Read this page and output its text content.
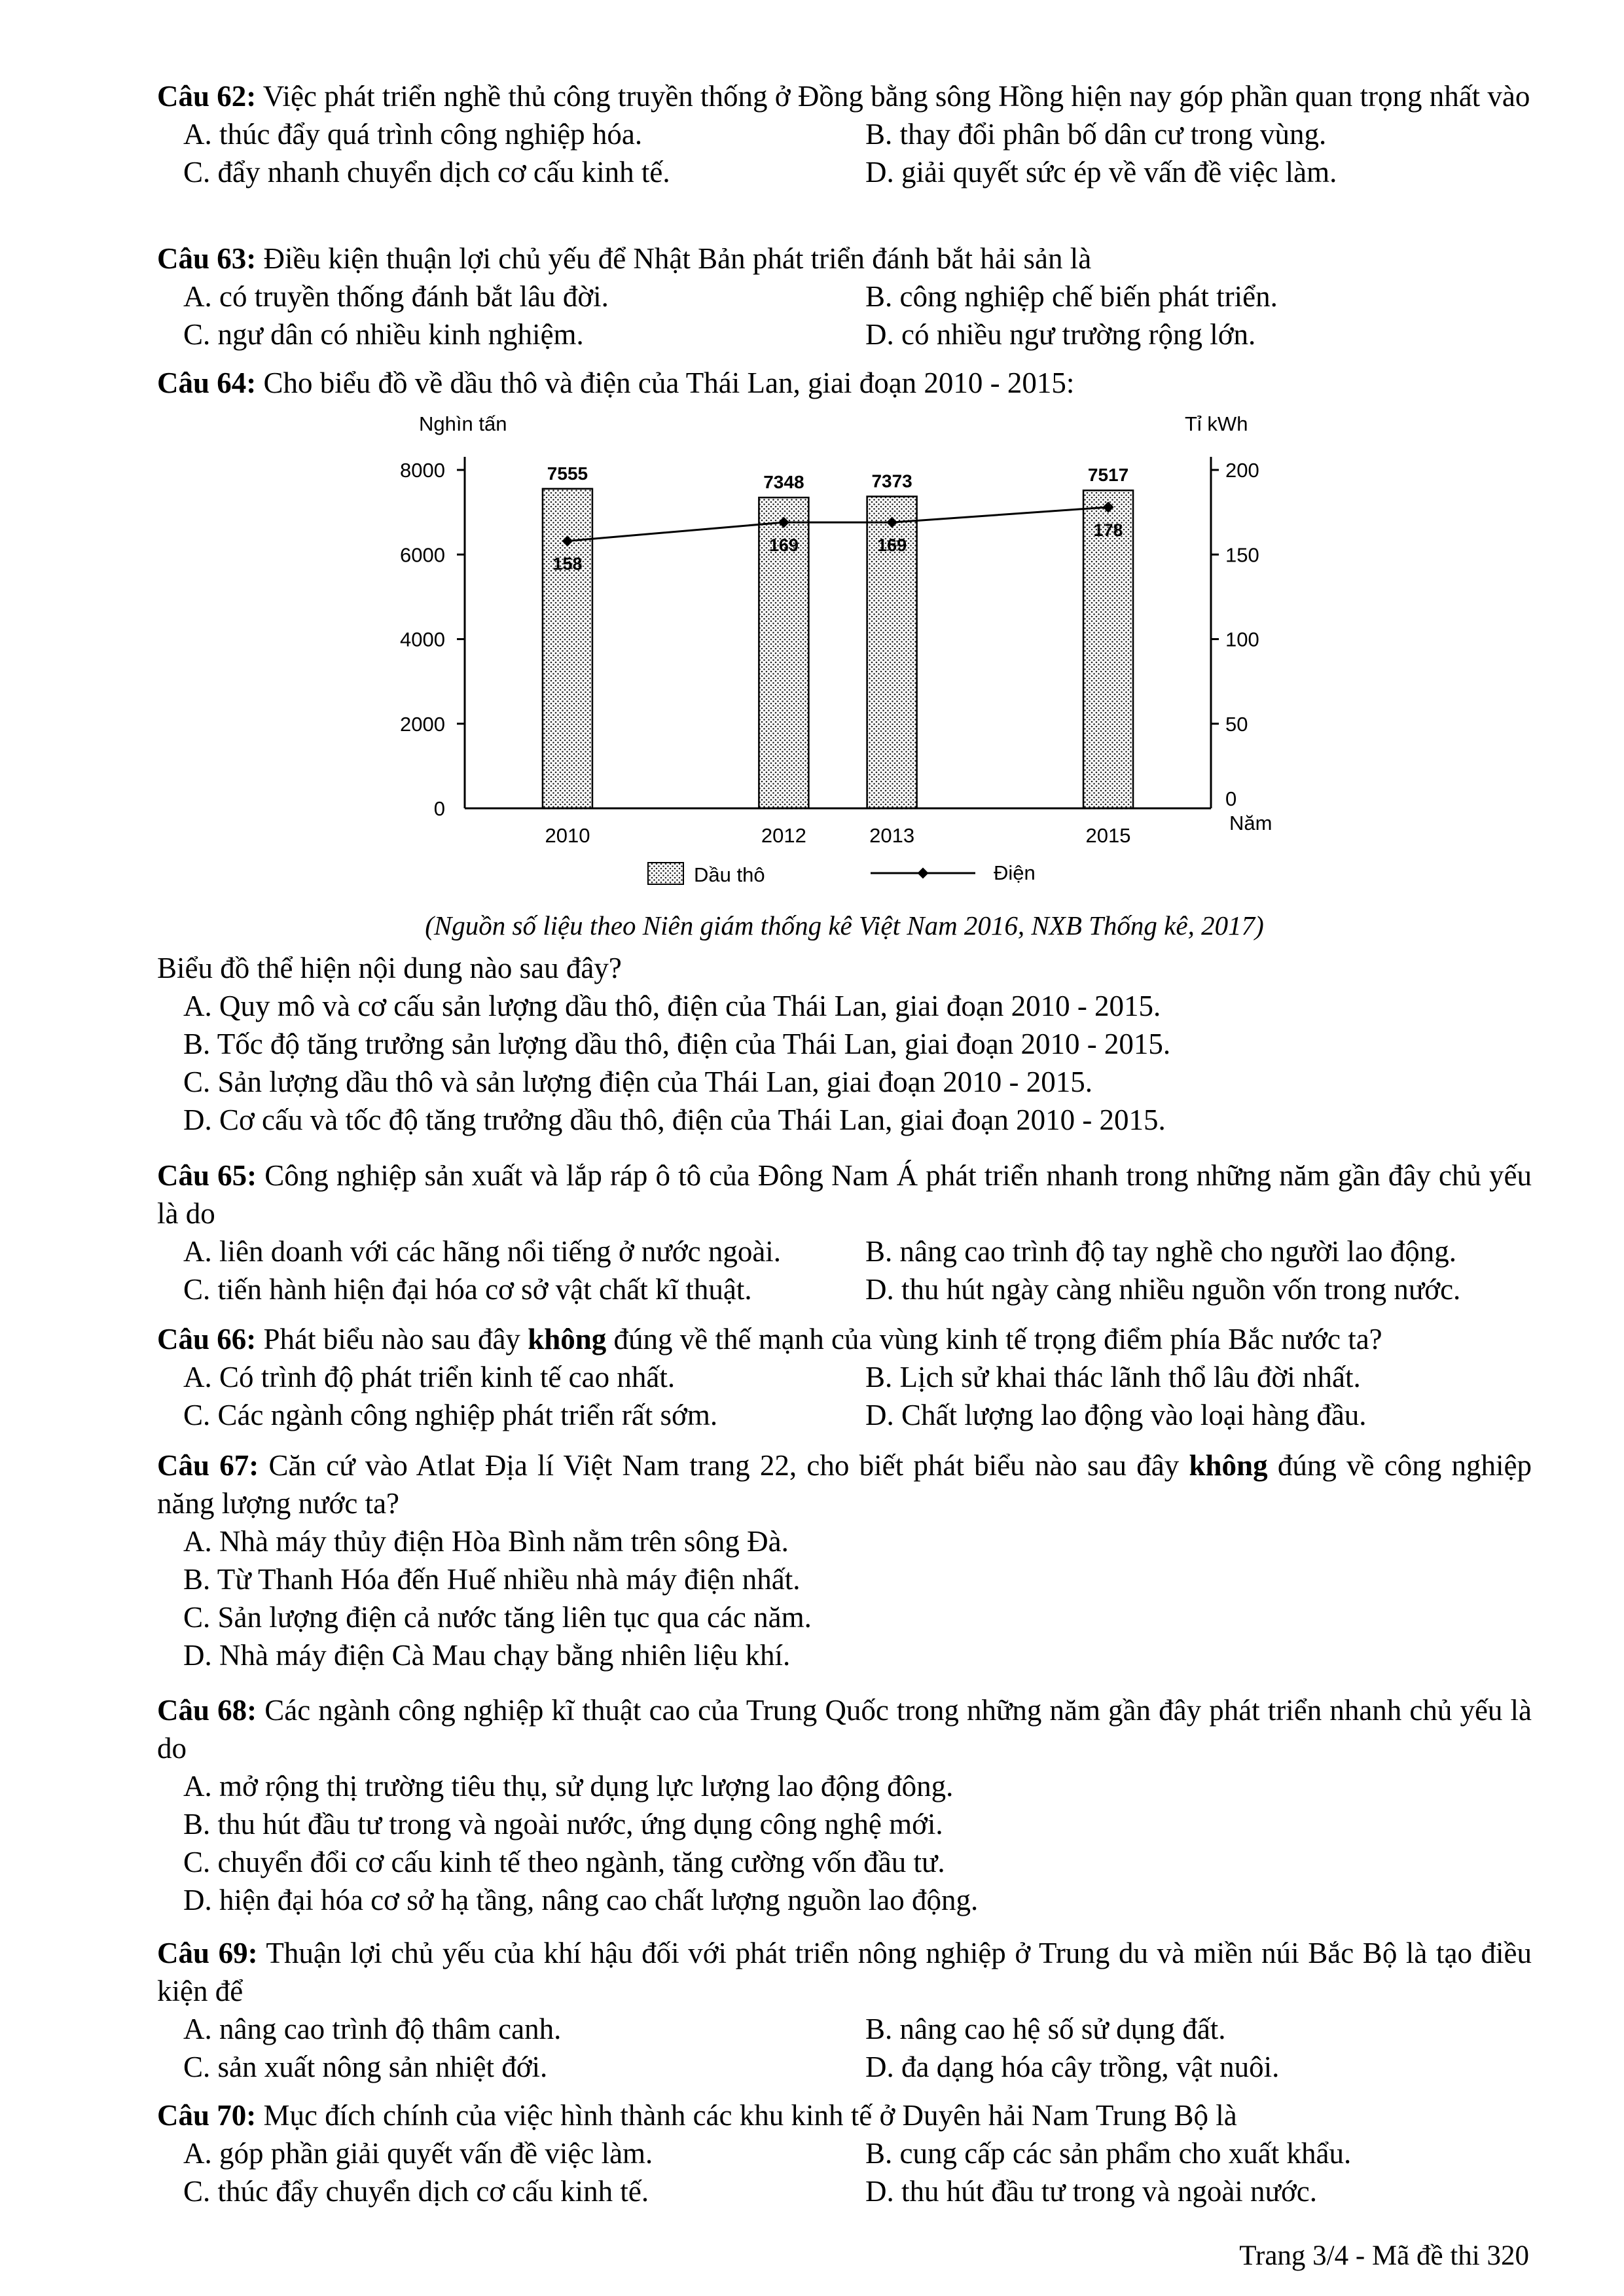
Câu 62: Việc phát triển nghề thủ công truyền thống ở Đồng bằng sông Hồng hiện nay góp phần quan trọng nhất vào
A. thúc đẩy quá trình công nghiệp hóa.	B. thay đổi phân bố dân cư trong vùng.
C. đẩy nhanh chuyển dịch cơ cấu kinh tế.	D. giải quyết sức ép về vấn đề việc làm.
Câu 63: Điều kiện thuận lợi chủ yếu để Nhật Bản phát triển đánh bắt hải sản là
A. có truyền thống đánh bắt lâu đời.	B. công nghiệp chế biến phát triển.
C. ngư dân có nhiều kinh nghiệm.	D. có nhiều ngư trường rộng lớn.
Câu 64: Cho biểu đồ về dầu thô và điện của Thái Lan, giai đoạn 2010 - 2015:
7555	7348	7373	7517
2010	2012	2013	2015
0
2000
4000
6000
8000
0
50
100
150
200
158
169	169
178
Nghìn tấn	Tỉ kWh
Năm
Dầu thô	Điện
(Nguồn số liệu theo Niên giám thống kê Việt Nam 2016, NXB Thống kê, 2017)
Biểu đồ thể hiện nội dung nào sau đây?
A. Quy mô và cơ cấu sản lượng dầu thô, điện của Thái Lan, giai đoạn 2010 - 2015.
B. Tốc độ tăng trưởng sản lượng dầu thô, điện của Thái Lan, giai đoạn 2010 - 2015.
C. Sản lượng dầu thô và sản lượng điện của Thái Lan, giai đoạn 2010 - 2015.
D. Cơ cấu và tốc độ tăng trưởng dầu thô, điện của Thái Lan, giai đoạn 2010 - 2015.
Câu 65: Công nghiệp sản xuất và lắp ráp ô tô của Đông Nam Á phát triển nhanh trong những năm gần đây chủ yếu là do
A. liên doanh với các hãng nổi tiếng ở nước ngoài.	B. nâng cao trình độ tay nghề cho người lao động.
C. tiến hành hiện đại hóa cơ sở vật chất kĩ thuật.	D. thu hút ngày càng nhiều nguồn vốn trong nước.
Câu 66: Phát biểu nào sau đây không đúng về thế mạnh của vùng kinh tế trọng điểm phía Bắc nước ta?
A. Có trình độ phát triển kinh tế cao nhất.	B. Lịch sử khai thác lãnh thổ lâu đời nhất.
C. Các ngành công nghiệp phát triển rất sớm.	D. Chất lượng lao động vào loại hàng đầu.
Câu 67: Căn cứ vào Atlat Địa lí Việt Nam trang 22, cho biết phát biểu nào sau đây không đúng về công nghiệp năng lượng nước ta?
A. Nhà máy thủy điện Hòa Bình nằm trên sông Đà.
B. Từ Thanh Hóa đến Huế nhiều nhà máy điện nhất.
C. Sản lượng điện cả nước tăng liên tục qua các năm.
D. Nhà máy điện Cà Mau chạy bằng nhiên liệu khí.
Câu 68: Các ngành công nghiệp kĩ thuật cao của Trung Quốc trong những năm gần đây phát triển nhanh chủ yếu là do
A. mở rộng thị trường tiêu thụ, sử dụng lực lượng lao động đông.
B. thu hút đầu tư trong và ngoài nước, ứng dụng công nghệ mới.
C. chuyển đổi cơ cấu kinh tế theo ngành, tăng cường vốn đầu tư.
D. hiện đại hóa cơ sở hạ tầng, nâng cao chất lượng nguồn lao động.
Câu 69: Thuận lợi chủ yếu của khí hậu đối với phát triển nông nghiệp ở Trung du và miền núi Bắc Bộ là tạo điều kiện để
A. nâng cao trình độ thâm canh.	B. nâng cao hệ số sử dụng đất.
C. sản xuất nông sản nhiệt đới.	D. đa dạng hóa cây trồng, vật nuôi.
Câu 70: Mục đích chính của việc hình thành các khu kinh tế ở Duyên hải Nam Trung Bộ là
A. góp phần giải quyết vấn đề việc làm.	B. cung cấp các sản phẩm cho xuất khẩu.
C. thúc đẩy chuyển dịch cơ cấu kinh tế.	D. thu hút đầu tư trong và ngoài nước.
Trang 3/4 - Mã đề thi 320
